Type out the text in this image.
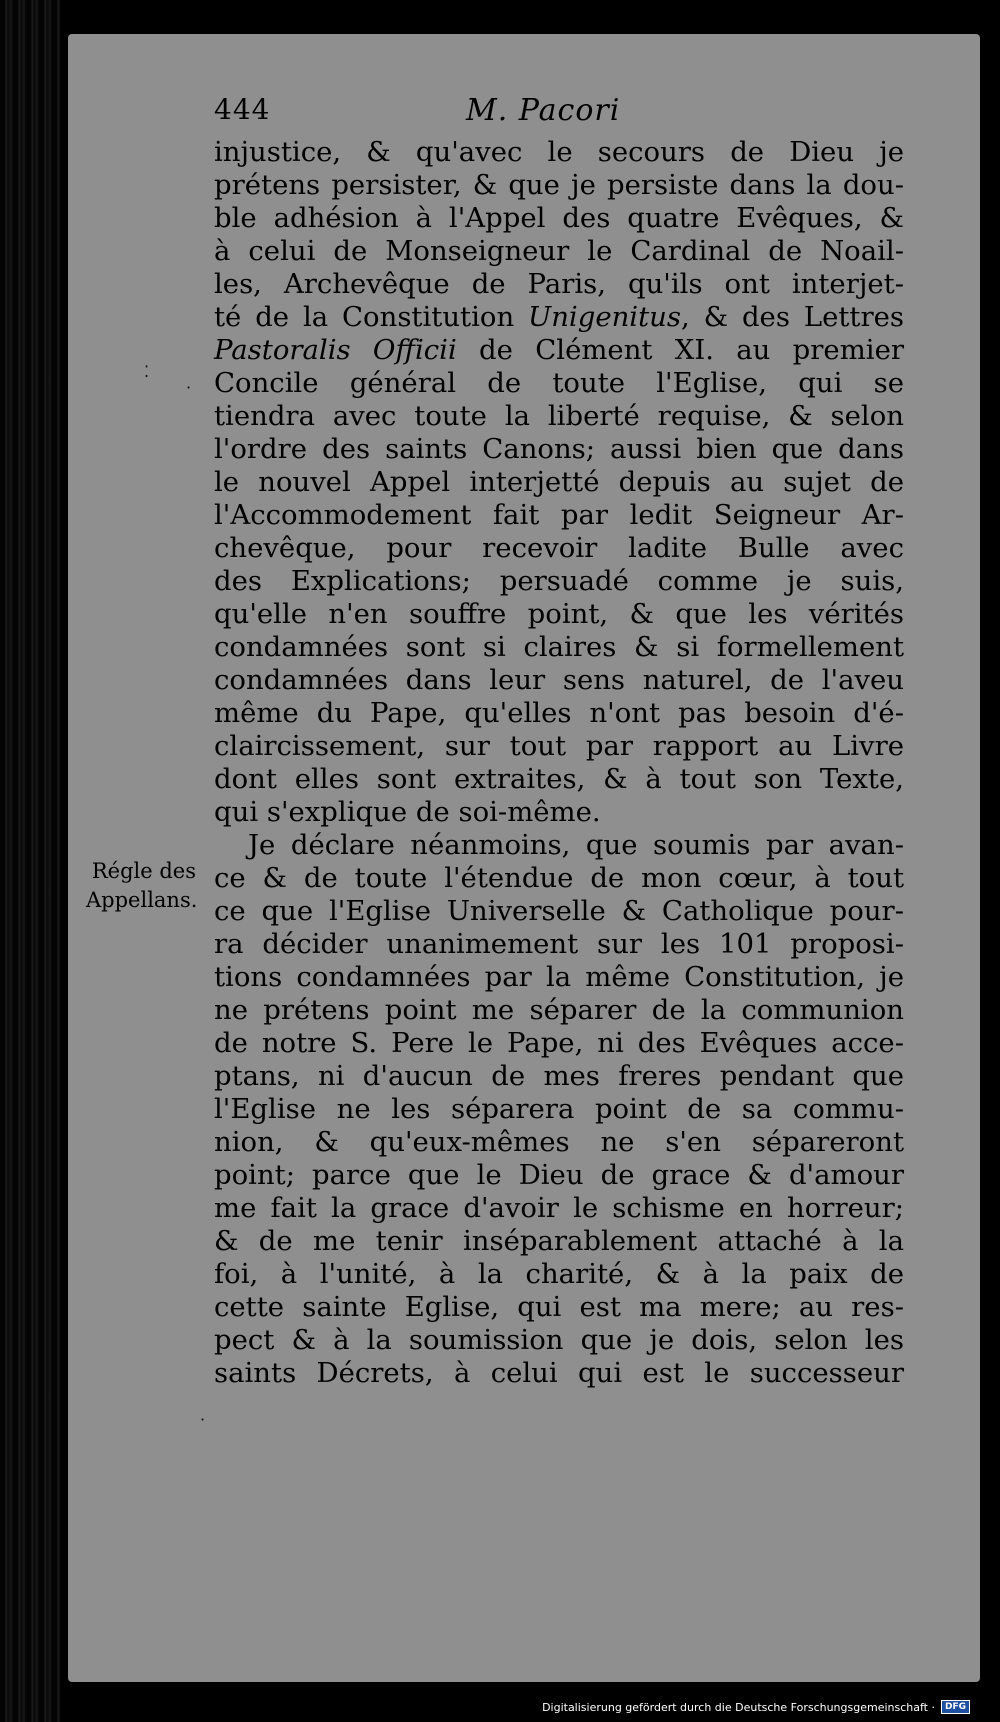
⁚
·
·
444	M. Pacori
injustice, & qu'avec le secours de Dieu je
prétens persister, & que je persiste dans la dou-
ble adhésion à l'Appel des quatre Evêques, &
à celui de Monseigneur le Cardinal de Noail-
les, Archevêque de Paris, qu'ils ont interjet-
té de la Constitution Unigenitus, & des Lettres
Pastoralis Officii de Clément XI. au premier
Concile général de toute l'Eglise, qui se
tiendra avec toute la liberté requise, & selon
l'ordre des saints Canons; aussi bien que dans
le nouvel Appel interjetté depuis au sujet de
l'Accommodement fait par ledit Seigneur Ar-
chevêque, pour recevoir ladite Bulle avec
des Explications; persuadé comme je suis,
qu'elle n'en souffre point, & que les vérités
condamnées sont si claires & si formellement
condamnées dans leur sens naturel, de l'aveu
même du Pape, qu'elles n'ont pas besoin d'é-
claircissement, sur tout par rapport au Livre
dont elles sont extraites, & à tout son Texte,
qui s'explique de soi-même.
Je déclare néanmoins, que soumis par avan-
ce & de toute l'étendue de mon cœur, à tout
ce que l'Eglise Universelle & Catholique pour-
ra décider unanimement sur les 101 proposi-
tions condamnées par la même Constitution, je
ne prétens point me séparer de la communion
de notre S. Pere le Pape, ni des Evêques acce-
ptans, ni d'aucun de mes freres pendant que
l'Eglise ne les séparera point de sa commu-
nion, & qu'eux-mêmes ne s'en sépareront
point; parce que le Dieu de grace & d'amour
me fait la grace d'avoir le schisme en horreur;
& de me tenir inséparablement attaché à la
foi, à l'unité, à la charité, & à la paix de
cette sainte Eglise, qui est ma mere; au res-
pect & à la soumission que je dois, selon les
saints Décrets, à celui qui est le successeur
Régle des
Appellans.
Digitalisierung gefördert durch die Deutsche Forschungsgemeinschaft ·	DFG
